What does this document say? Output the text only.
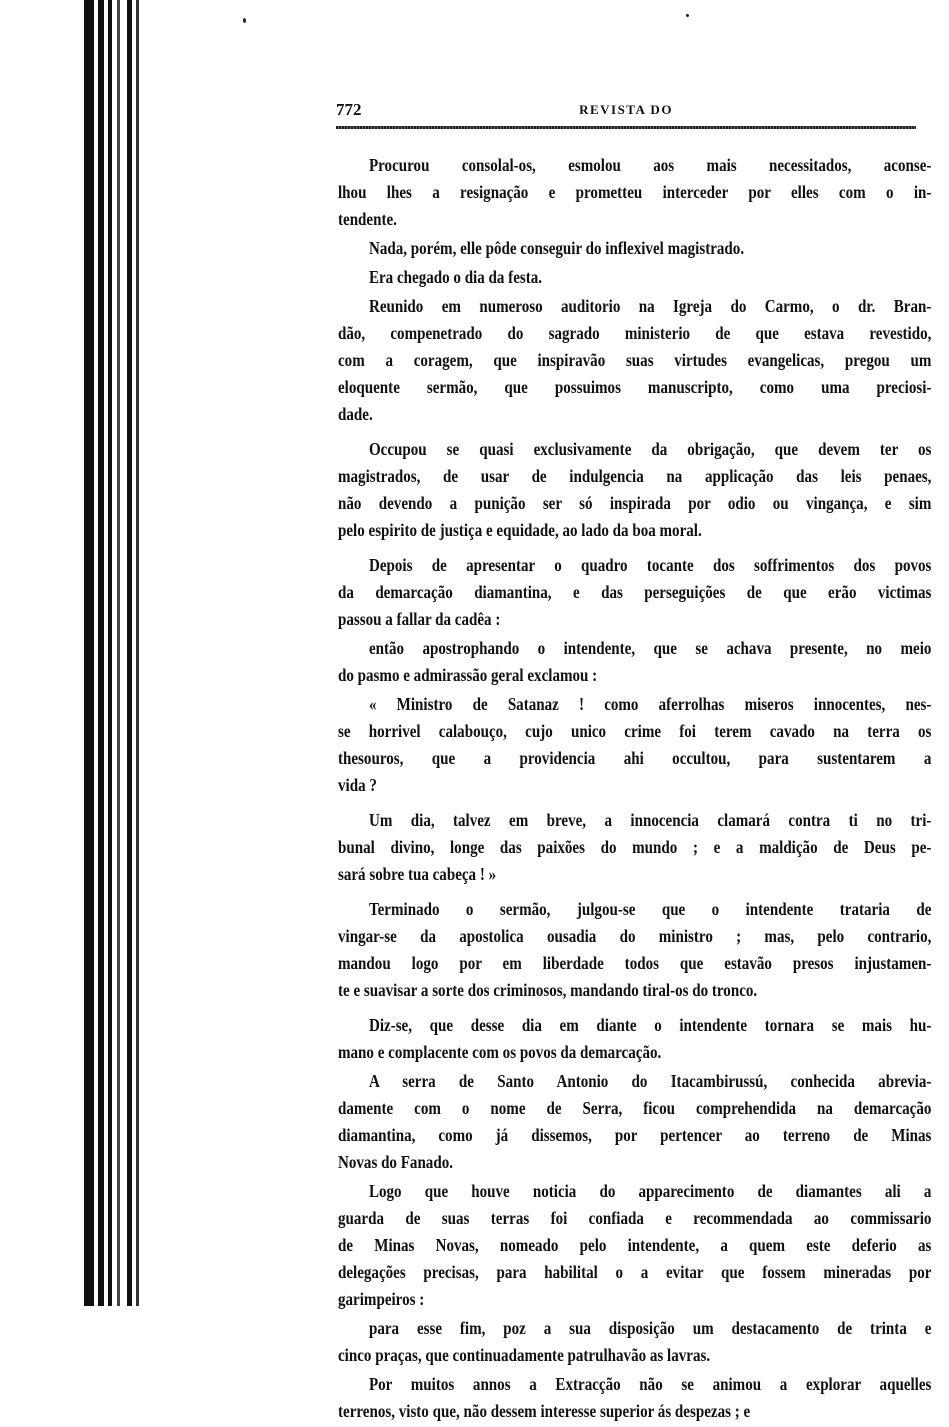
772	REVISTA DO
Procurou consolal-os, esmolou aos mais necessitados, aconse-
lhou lhes a resignação e prometteu interceder por elles com o in-
tendente.
Nada, porém, elle pôde conseguir do inflexivel magistrado.
Era chegado o dia da festa.
Reunido em numeroso auditorio na Igreja do Carmo, o dr. Bran-
dão, compenetrado do sagrado ministerio de que estava revestido,
com a coragem, que inspiravão suas virtudes evangelicas, pregou um
eloquente sermão, que possuimos manuscripto, como uma preciosi-
dade.
Occupou se quasi exclusivamente da obrigação, que devem ter os
magistrados, de usar de indulgencia na applicação das leis penaes,
não devendo a punição ser só inspirada por odio ou vingança, e sim
pelo espirito de justiça e equidade, ao lado da boa moral.
Depois de apresentar o quadro tocante dos soffrimentos dos povos
da demarcação diamantina, e das perseguições de que erão victimas
passou a fallar da cadêa :
então apostrophando o intendente, que se achava presente, no meio
do pasmo e admirassão geral exclamou :
« Ministro de Satanaz ! como aferrolhas miseros innocentes, nes-
se horrivel calabouço, cujo unico crime foi terem cavado na terra os
thesouros, que a providencia ahi occultou, para sustentarem a
vida ?
Um dia, talvez em breve, a innocencia clamará contra ti no tri-
bunal divino, longe das paixões do mundo ; e a maldição de Deus pe-
sará sobre tua cabeça ! »
Terminado o sermão, julgou-se que o intendente trataria de
vingar-se da apostolica ousadia do ministro ; mas, pelo contrario,
mandou logo por em liberdade todos que estavão presos injustamen-
te e suavisar a sorte dos criminosos, mandando tiral-os do tronco.
Diz-se, que desse dia em diante o intendente tornara se mais hu-
mano e complacente com os povos da demarcação.
A serra de Santo Antonio do Itacambirussú, conhecida abrevia-
damente com o nome de Serra, ficou comprehendida na demarcação
diamantina, como já dissemos, por pertencer ao terreno de Minas
Novas do Fanado.
Logo que houve noticia do apparecimento de diamantes ali a
guarda de suas terras foi confiada e recommendada ao commissario
de Minas Novas, nomeado pelo intendente, a quem este deferio as
delegações precisas, para habilital o a evitar que fossem mineradas por
garimpeiros :
para esse fim, poz a sua disposição um destacamento de trinta e
cinco praças, que continuadamente patrulhavão as lavras.
Por muitos annos a Extracção não se animou a explorar aquelles
terrenos, visto que, não dessem interesse superior ás despezas ; e
